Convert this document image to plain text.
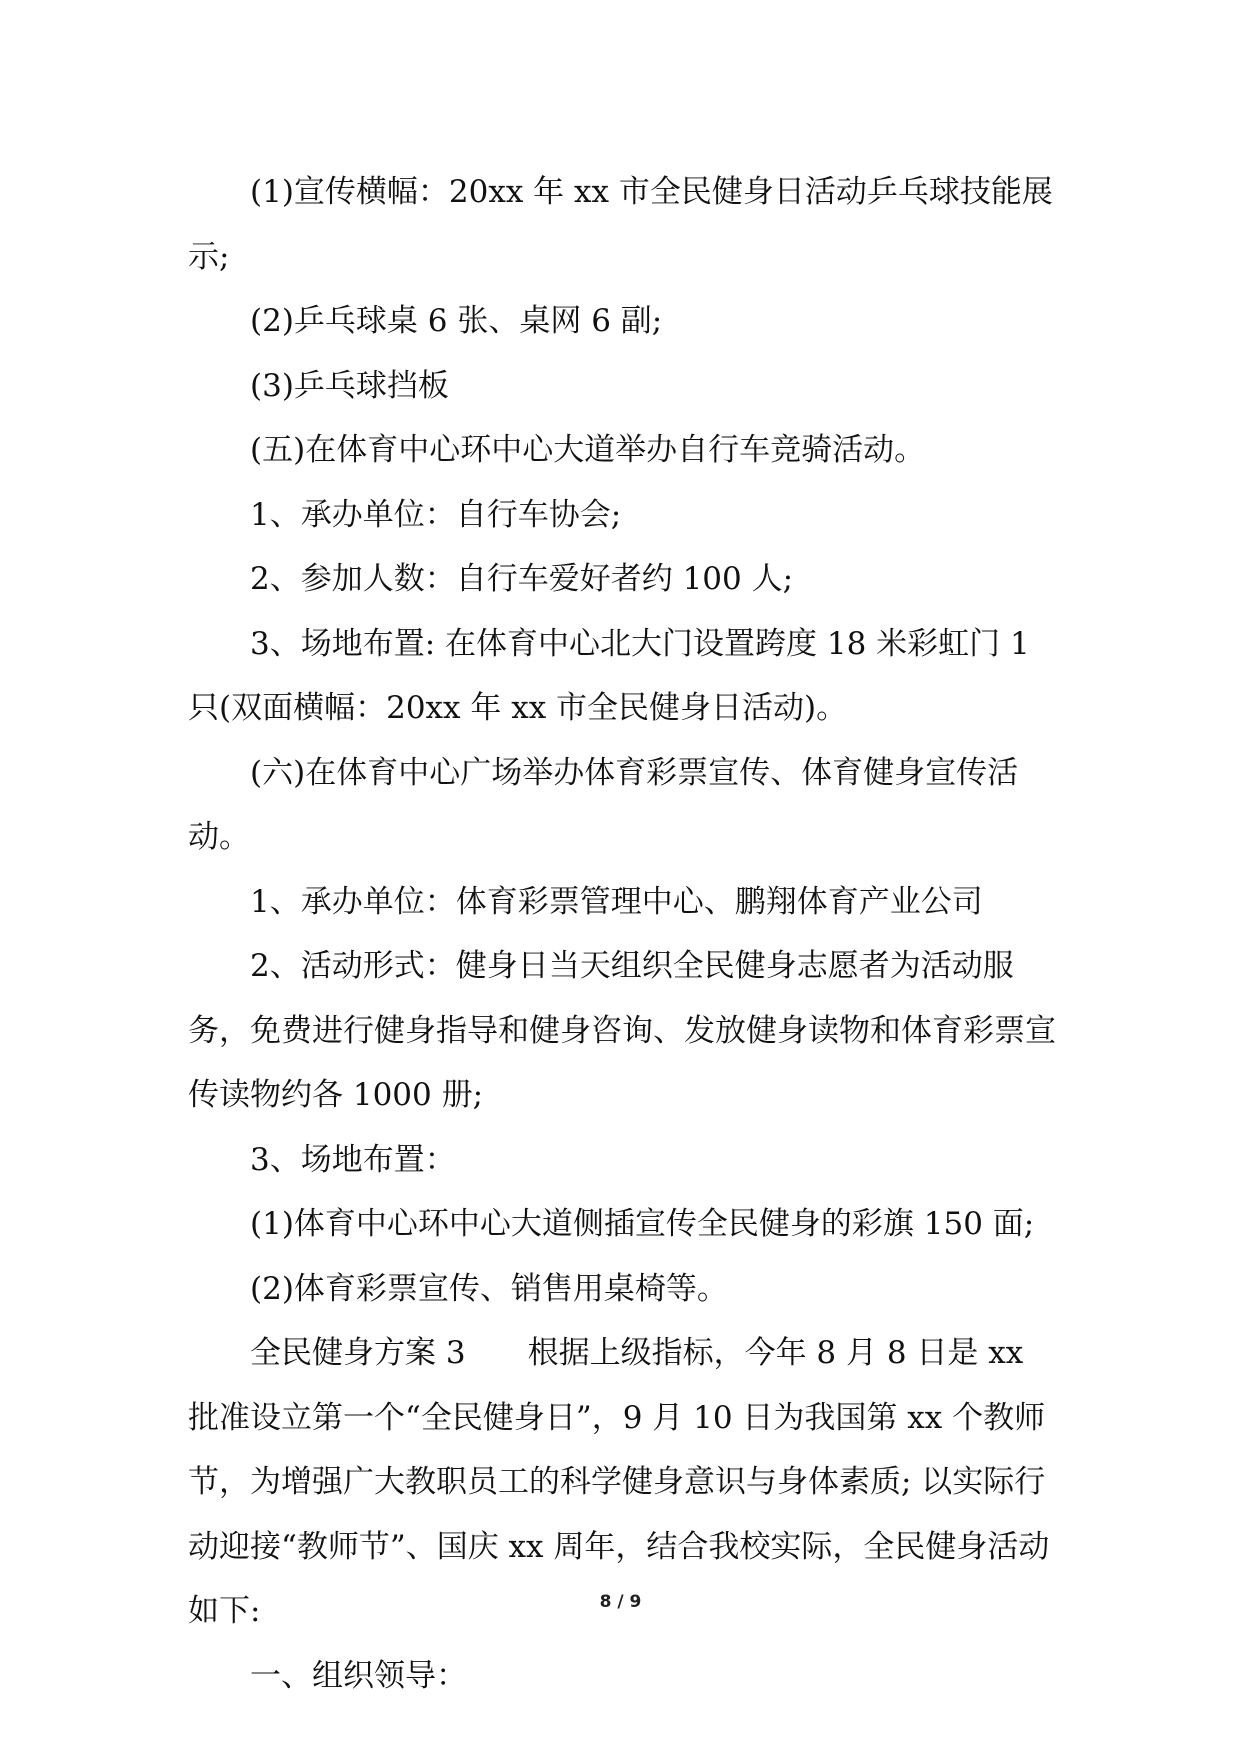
(1)宣传横幅：20xx 年 xx 市全民健身日活动乒乓球技能展示;

(2)乒乓球桌 6 张、桌网 6 副;

(3)乒乓球挡板

(五)在体育中心环中心大道举办自行车竞骑活动。

1、承办单位：自行车协会;

2、参加人数：自行车爱好者约 100 人;

3、场地布置: 在体育中心北大门设置跨度 18 米彩虹门 1 只(双面横幅：20xx 年 xx 市全民健身日活动)。

(六)在体育中心广场举办体育彩票宣传、体育健身宣传活动。

1、承办单位：体育彩票管理中心、鹏翔体育产业公司

2、活动形式：健身日当天组织全民健身志愿者为活动服务，免费进行健身指导和健身咨询、发放健身读物和体育彩票宣传读物约各 1000 册;

3、场地布置：

(1)体育中心环中心大道侧插宣传全民健身的彩旗 150 面;

(2)体育彩票宣传、销售用桌椅等。

全民健身方案 3　　根据上级指标，今年 8 月 8 日是 xx 批准设立第一个“全民健身日”，9 月 10 日为我国第 xx 个教师节，为增强广大教职员工的科学健身意识与身体素质; 以实际行动迎接“教师节”、国庆 xx 周年，结合我校实际，全民健身活动如下:

一、组织领导：

8 / 9
